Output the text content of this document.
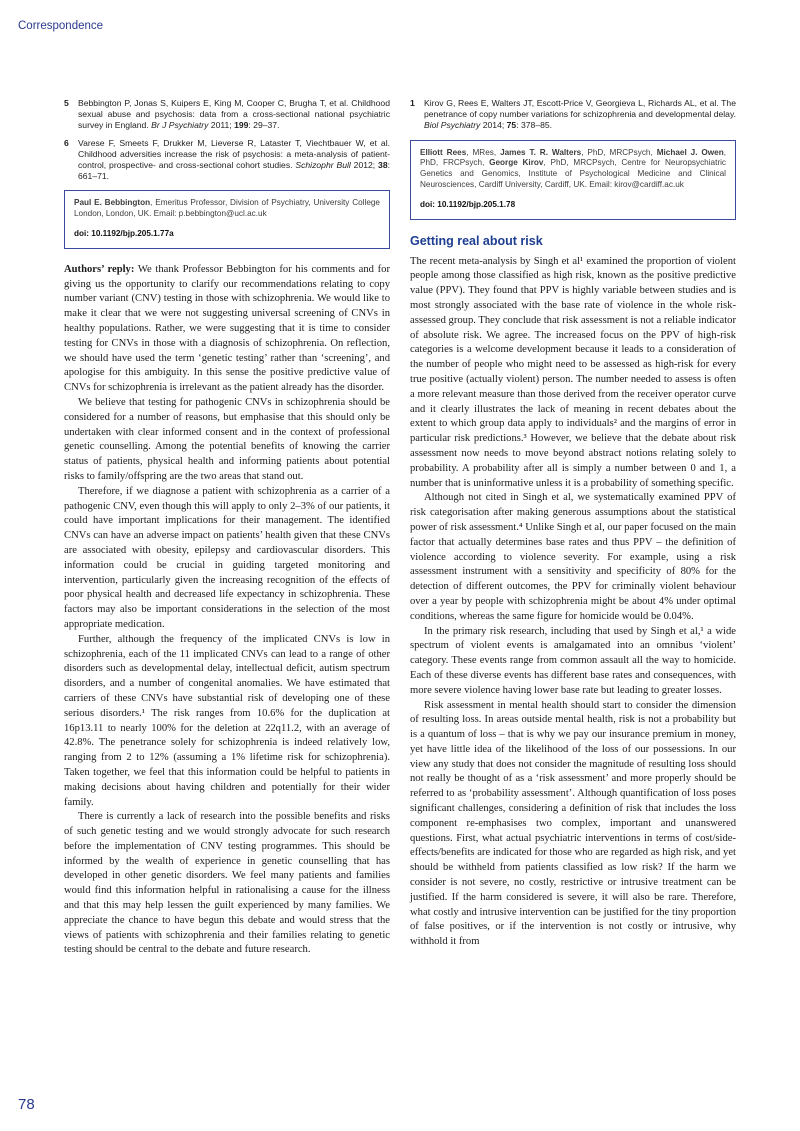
Correspondence
5	Bebbington P, Jonas S, Kuipers E, King M, Cooper C, Brugha T, et al. Childhood sexual abuse and psychosis: data from a cross-sectional national psychiatric survey in England. Br J Psychiatry 2011; 199: 29–37.
6	Varese F, Smeets F, Drukker M, Lieverse R, Lataster T, Viechtbauer W, et al. Childhood adversities increase the risk of psychosis: a meta-analysis of patient-control, prospective- and cross-sectional cohort studies. Schizophr Bull 2012; 38: 661–71.
Paul E. Bebbington, Emeritus Professor, Division of Psychiatry, University College London, London, UK. Email: p.bebbington@ucl.ac.uk
doi: 10.1192/bjp.205.1.77a

Authors’ reply: We thank Professor Bebbington for his comments and for giving us the opportunity to clarify our recommendations relating to copy number variant (CNV) testing in those with schizophrenia. We would like to make it clear that we were not suggesting universal screening of CNVs in healthy populations. Rather, we were suggesting that it is time to consider testing for CNVs in those with a diagnosis of schizophrenia. On reflection, we should have used the term ‘genetic testing’ rather than ‘screening’, and apologise for this ambiguity. In this sense the positive predictive value of CNVs for schizophrenia is irrelevant as the patient already has the disorder.

We believe that testing for pathogenic CNVs in schizophrenia should be considered for a number of reasons, but emphasise that this should only be undertaken with clear informed consent and in the context of professional genetic counselling. Among the potential benefits of knowing the carrier status of patients, physical health and informing patients about potential risks to family/offspring are the two areas that stand out.

Therefore, if we diagnose a patient with schizophrenia as a carrier of a pathogenic CNV, even though this will apply to only 2–3% of our patients, it could have important implications for their management. The identified CNVs can have an adverse impact on patients’ health given that these CNVs are associated with obesity, epilepsy and cardiovascular disorders. This information could be crucial in guiding targeted monitoring and intervention, particularly given the increasing recognition of the effects of poor physical health and decreased life expectancy in schizophrenia. These factors may also be important considerations in the selection of the most appropriate medication.

Further, although the frequency of the implicated CNVs is low in schizophrenia, each of the 11 implicated CNVs can lead to a range of other disorders such as developmental delay, intellectual deficit, autism spectrum disorders, and a number of congenital anomalies. We have estimated that carriers of these CNVs have substantial risk of developing one of these serious disorders.¹ The risk ranges from 10.6% for the duplication at 16p13.11 to nearly 100% for the deletion at 22q11.2, with an average of 42.8%. The penetrance solely for schizophrenia is indeed relatively low, ranging from 2 to 12% (assuming a 1% lifetime risk for schizophrenia). Taken together, we feel that this information could be helpful to patients in making decisions about having children and potentially for their wider family.

There is currently a lack of research into the possible benefits and risks of such genetic testing and we would strongly advocate for such research before the implementation of CNV testing programmes. This should be informed by the wealth of experience in genetic counselling that has developed in other genetic disorders. We feel many patients and families would find this information helpful in rationalising a cause for the illness and that this may help lessen the guilt experienced by many families. We appreciate the chance to have begun this debate and would stress that the views of patients with schizophrenia and their families relating to genetic testing should be central to the debate and future research.

1	Kirov G, Rees E, Walters JT, Escott-Price V, Georgieva L, Richards AL, et al. The penetrance of copy number variations for schizophrenia and developmental delay. Biol Psychiatry 2014; 75: 378–85.
Elliott Rees, MRes, James T. R. Walters, PhD, MRCPsych, Michael J. Owen, PhD, FRCPsych, George Kirov, PhD, MRCPsych, Centre for Neuropsychiatric Genetics and Genomics, Institute of Psychological Medicine and Clinical Neurosciences, Cardiff University, Cardiff, UK. Email: kirov@cardiff.ac.uk
doi: 10.1192/bjp.205.1.78
Getting real about risk

The recent meta-analysis by Singh et al¹ examined the proportion of violent people among those classified as high risk, known as the positive predictive value (PPV). They found that PPV is highly variable between studies and is most strongly associated with the base rate of violence in the whole risk-assessed group. They conclude that risk assessment is not a reliable indicator of absolute risk. We agree. The increased focus on the PPV of high-risk categories is a welcome development because it leads to a consideration of the number of people who might need to be assessed as high-risk for every true positive (actually violent) person. The number needed to assess is often a more relevant measure than those derived from the receiver operator curve and it clearly illustrates the lack of meaning in recent debates about the extent to which group data apply to individuals² and the margins of error in particular risk predictions.³ However, we believe that the debate about risk assessment now needs to move beyond abstract notions relating solely to probability. A probability after all is simply a number between 0 and 1, a number that is uninformative unless it is a probability of something specific.

Although not cited in Singh et al, we systematically examined PPV of risk categorisation after making generous assumptions about the statistical power of risk assessment.⁴ Unlike Singh et al, our paper focused on the main factor that actually determines base rates and thus PPV – the definition of violence according to violence severity. For example, using a risk assessment instrument with a sensitivity and specificity of 80% for the detection of different outcomes, the PPV for criminally violent behaviour over a year by people with schizophrenia might be about 4% under optimal conditions, whereas the same figure for homicide would be 0.04%.

In the primary risk research, including that used by Singh et al,¹ a wide spectrum of violent events is amalgamated into an omnibus ‘violent’ category. These events range from common assault all the way to homicide. Each of these diverse events has different base rates and consequences, with more severe violence having lower base rate but leading to greater losses.

Risk assessment in mental health should start to consider the dimension of resulting loss. In areas outside mental health, risk is not a probability but is a quantum of loss – that is why we pay our insurance premium in money, yet have little idea of the likelihood of the loss of our possessions. In our view any study that does not consider the magnitude of resulting loss should not really be thought of as a ‘risk assessment’ and more properly should be referred to as ‘probability assessment’. Although quantification of loss poses significant challenges, considering a definition of risk that includes the loss component re-emphasises two complex, important and unanswered questions. First, what actual psychiatric interventions in terms of cost/side-effects/benefits are indicated for those who are regarded as high risk, and yet should be withheld from patients classified as low risk? If the harm we consider is not severe, no costly, restrictive or intrusive treatment can be justified. If the harm considered is severe, it will also be rare. Therefore, what costly and intrusive intervention can be justified for the tiny proportion of false positives, or if the intervention is not costly or intrusive, why withhold it from

78
